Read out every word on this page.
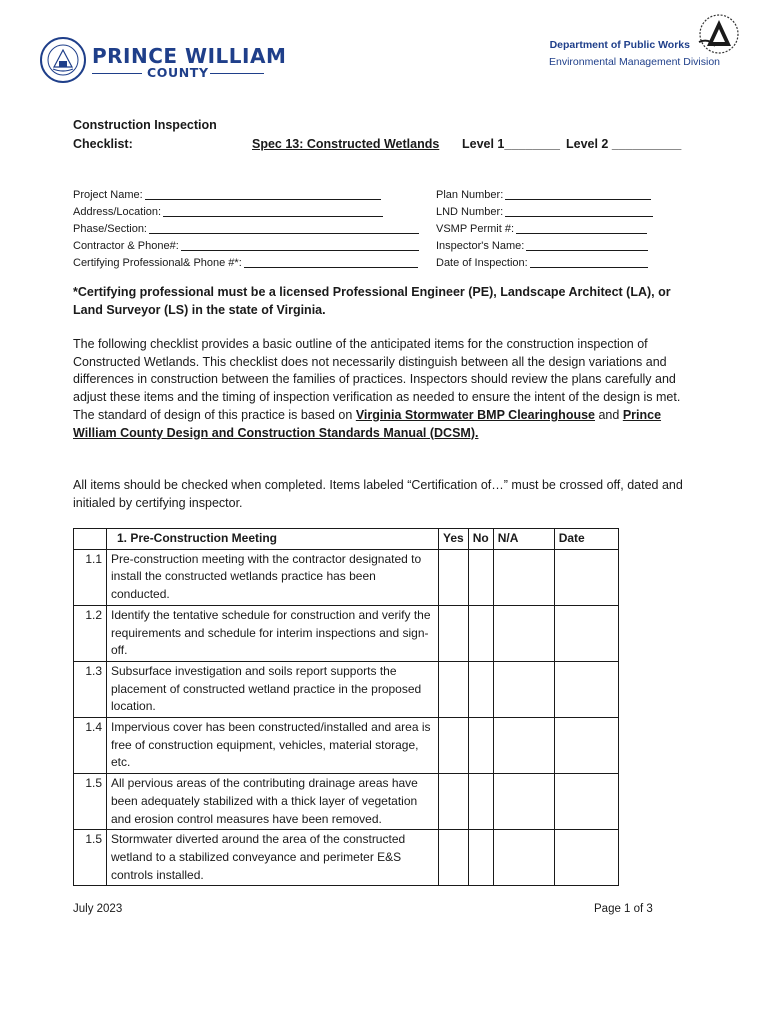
PRINCE WILLIAM
COUNTY
Department of Public Works
Environmental Management Division
Construction Inspection
Checklist:	Spec 13: Constructed Wetlands Level 1________ Level 2 __________
Project Name:
Address/Location:
Phase/Section:
Contractor & Phone#:
Certifying Professional& Phone #*:
Plan Number:
LND Number:
VSMP Permit #:
Inspector's Name:
Date of Inspection:
*Certifying professional must be a licensed Professional Engineer (PE), Landscape Architect (LA), or Land Surveyor (LS) in the state of Virginia.
The following checklist provides a basic outline of the anticipated items for the construction inspection of Constructed Wetlands. This checklist does not necessarily distinguish between all the design variations and differences in construction between the families of practices. Inspectors should review the plans carefully and adjust these items and the timing of inspection verification as needed to ensure the intent of the design is met. The standard of design of this practice is based on Virginia Stormwater BMP Clearinghouse and Prince William County Design and Construction Standards Manual (DCSM).
All items should be checked when completed. Items labeled “Certification of…” must be crossed off, dated and initialed by certifying inspector.
	1. Pre-Construction Meeting	Yes	No	N/A	Date
1.1	Pre-construction meeting with the contractor designated to install the constructed wetlands practice has been conducted.				
1.2	Identify the tentative schedule for construction and verify the requirements and schedule for interim inspections and sign-off.				
1.3	Subsurface investigation and soils report supports the placement of constructed wetland practice in the proposed location.				
1.4	Impervious cover has been constructed/installed and area is free of construction equipment, vehicles, material storage, etc.				
1.5	All pervious areas of the contributing drainage areas have been adequately stabilized with a thick layer of vegetation and erosion control measures have been removed.				
1.5	Stormwater diverted around the area of the constructed wetland to a stabilized conveyance and perimeter E&S controls installed.				
July 2023	Page 1 of 3
